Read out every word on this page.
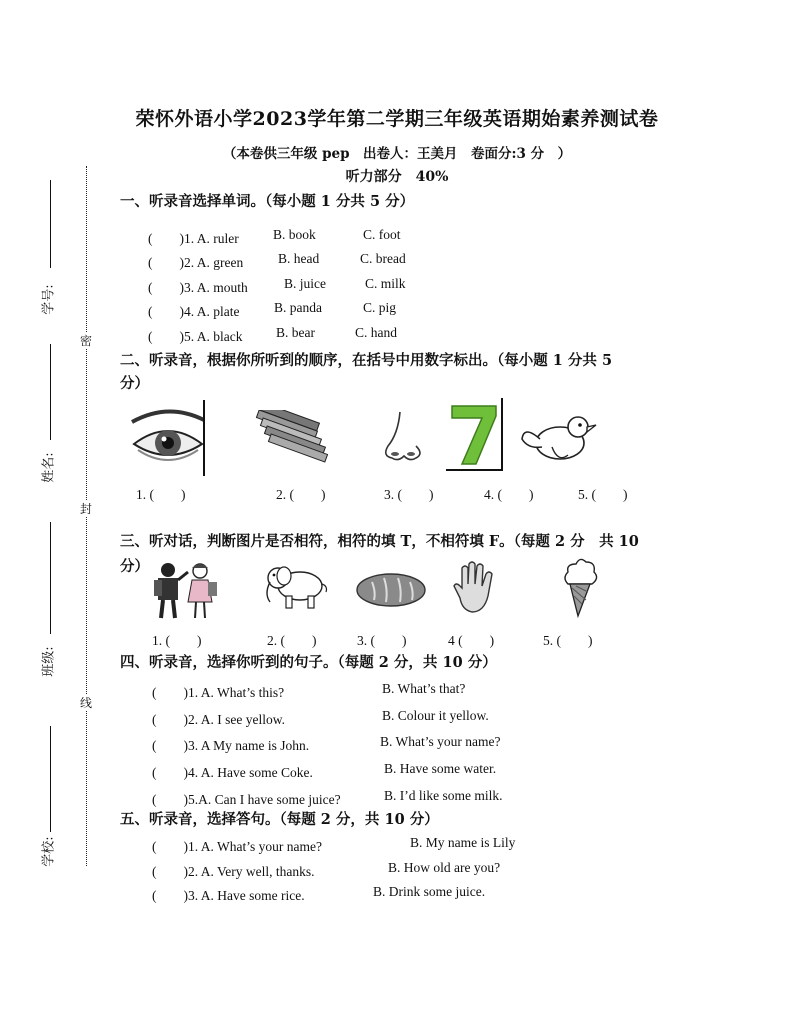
荣怀外语小学2023学年第二学期三年级英语期始素养测试卷
（本卷供三年级 pep　出卷人：王美月　卷面分:3 分　）
听力部分　40%
学号:
姓名:
班级:
学校:
密
封
线
一、听录音选择单词。（每小题 1 分共 5 分）
(　　)1. A. ruler	B. book	C. foot
(　　)2. A. green	B. head	C. bread
(　　)3. A. mouth	B. juice	C. milk
(　　)4. A. plate	B. panda	C. pig
(　　)5. A. black B. bear	C. hand
二、听录音，根据你所听到的顺序，在括号中用数字标出。（每小题 1 分共 5
分）
1. (　　)	2. (　　)	3. (　　)	4. (　　)	5. (　　)
三、听对话，判断图片是否相符，相符的填 T，不相符填 F。（每题 2 分　共 10
分）
1. (　　)	2. (　　)	3. (　　)	4 (　　)	5. (　　)
四、听录音，选择你听到的句子。（每题 2 分，共 10 分）
(　　)1. A. What’s this?	B. What’s that?
(　　)2. A. I see yellow.	B. Colour it yellow.
(　　)3. A My name is John.	B. What’s your name?
(　　)4. A. Have some Coke.	B. Have some water.
(　　)5.A. Can I have some juice?	B. I’d like some milk.
五、听录音，选择答句。（每题 2 分，共 10 分）
(　　)1. A. What’s your name?	B. My name is Lily
(　　)2. A. Very well, thanks.	B. How old are you?
(　　)3. A. Have some rice.	B. Drink some juice.
